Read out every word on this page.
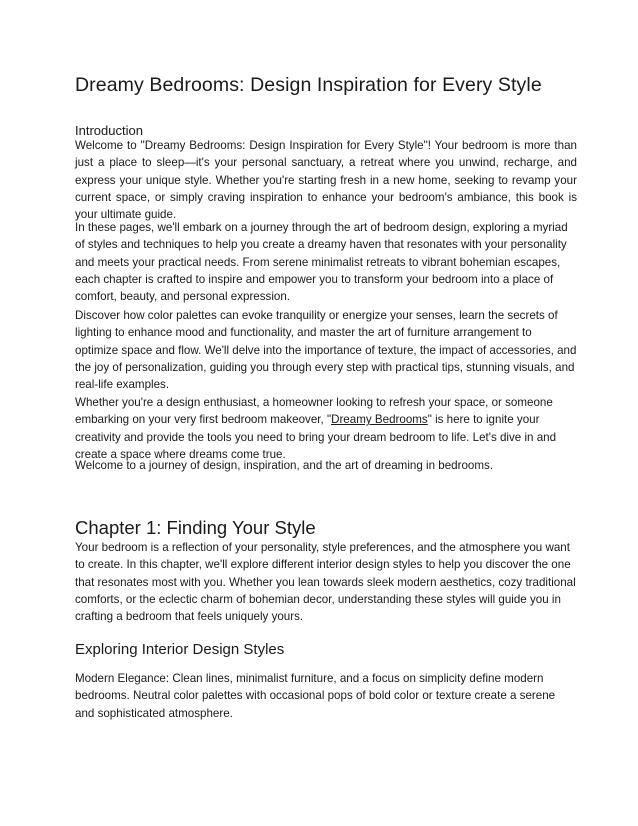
Dreamy Bedrooms: Design Inspiration for Every Style
Introduction

Welcome to "Dreamy Bedrooms: Design Inspiration for Every Style"! Your bedroom is more than just a place to sleep—it's your personal sanctuary, a retreat where you unwind, recharge, and express your unique style. Whether you're starting fresh in a new home, seeking to revamp your current space, or simply craving inspiration to enhance your bedroom's ambiance, this book is your ultimate guide.

In these pages, we'll embark on a journey through the art of bedroom design, exploring a myriad of styles and techniques to help you create a dreamy haven that resonates with your personality and meets your practical needs. From serene minimalist retreats to vibrant bohemian escapes, each chapter is crafted to inspire and empower you to transform your bedroom into a place of comfort, beauty, and personal expression.

Discover how color palettes can evoke tranquility or energize your senses, learn the secrets of lighting to enhance mood and functionality, and master the art of furniture arrangement to optimize space and flow. We'll delve into the importance of texture, the impact of accessories, and the joy of personalization, guiding you through every step with practical tips, stunning visuals, and real-life examples.

Whether you're a design enthusiast, a homeowner looking to refresh your space, or someone embarking on your very first bedroom makeover, "Dreamy Bedrooms" is here to ignite your creativity and provide the tools you need to bring your dream bedroom to life. Let's dive in and create a space where dreams come true.

Welcome to a journey of design, inspiration, and the art of dreaming in bedrooms.

Chapter 1: Finding Your Style

Your bedroom is a reflection of your personality, style preferences, and the atmosphere you want to create. In this chapter, we'll explore different interior design styles to help you discover the one that resonates most with you. Whether you lean towards sleek modern aesthetics, cozy traditional comforts, or the eclectic charm of bohemian decor, understanding these styles will guide you in crafting a bedroom that feels uniquely yours.

Exploring Interior Design Styles

Modern Elegance: Clean lines, minimalist furniture, and a focus on simplicity define modern bedrooms. Neutral color palettes with occasional pops of bold color or texture create a serene and sophisticated atmosphere.
